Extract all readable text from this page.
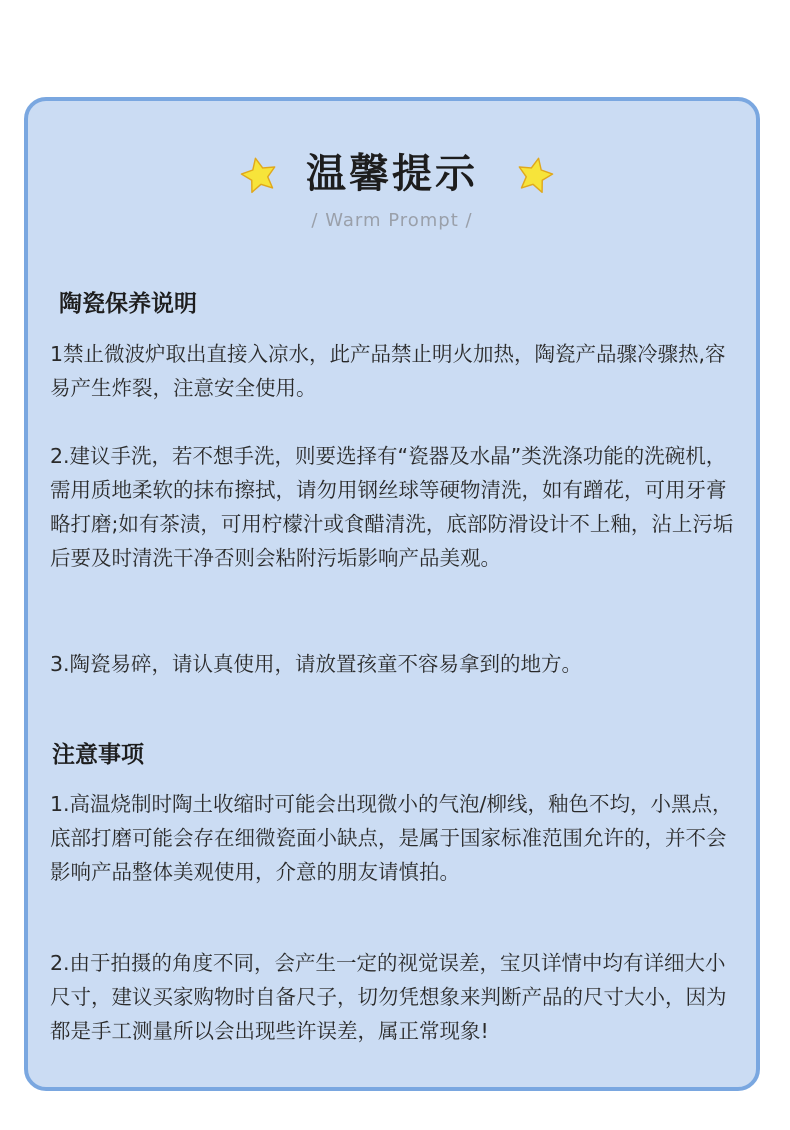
温馨提示
/ Warm Prompt /
陶瓷保养说明

1禁止微波炉取出直接入凉水，此产品禁止明火加热，陶瓷产品骤冷骤热,容易产生炸裂，注意安全使用。

2.建议手洗，若不想手洗，则要选择有“瓷器及水晶”类洗涤功能的洗碗机，需用质地柔软的抹布擦拭，请勿用钢丝球等硬物清洗，如有蹭花，可用牙膏略打磨;如有茶渍，可用柠檬汁或食醋清洗，底部防滑设计不上釉，沾上污垢后要及时清洗干净否则会粘附污垢影响产品美观。

3.陶瓷易碎，请认真使用，请放置孩童不容易拿到的地方。

注意事项

1.高温烧制时陶土收缩时可能会出现微小的气泡/柳线，釉色不均，小黑点，底部打磨可能会存在细微瓷面小缺点，是属于国家标准范围允许的，并不会影响产品整体美观使用，介意的朋友请慎拍。

2.由于拍摄的角度不同，会产生一定的视觉误差，宝贝详情中均有详细大小尺寸，建议买家购物时自备尺子，切勿凭想象来判断产品的尺寸大小，因为都是手工测量所以会出现些许误差，属正常现象!
